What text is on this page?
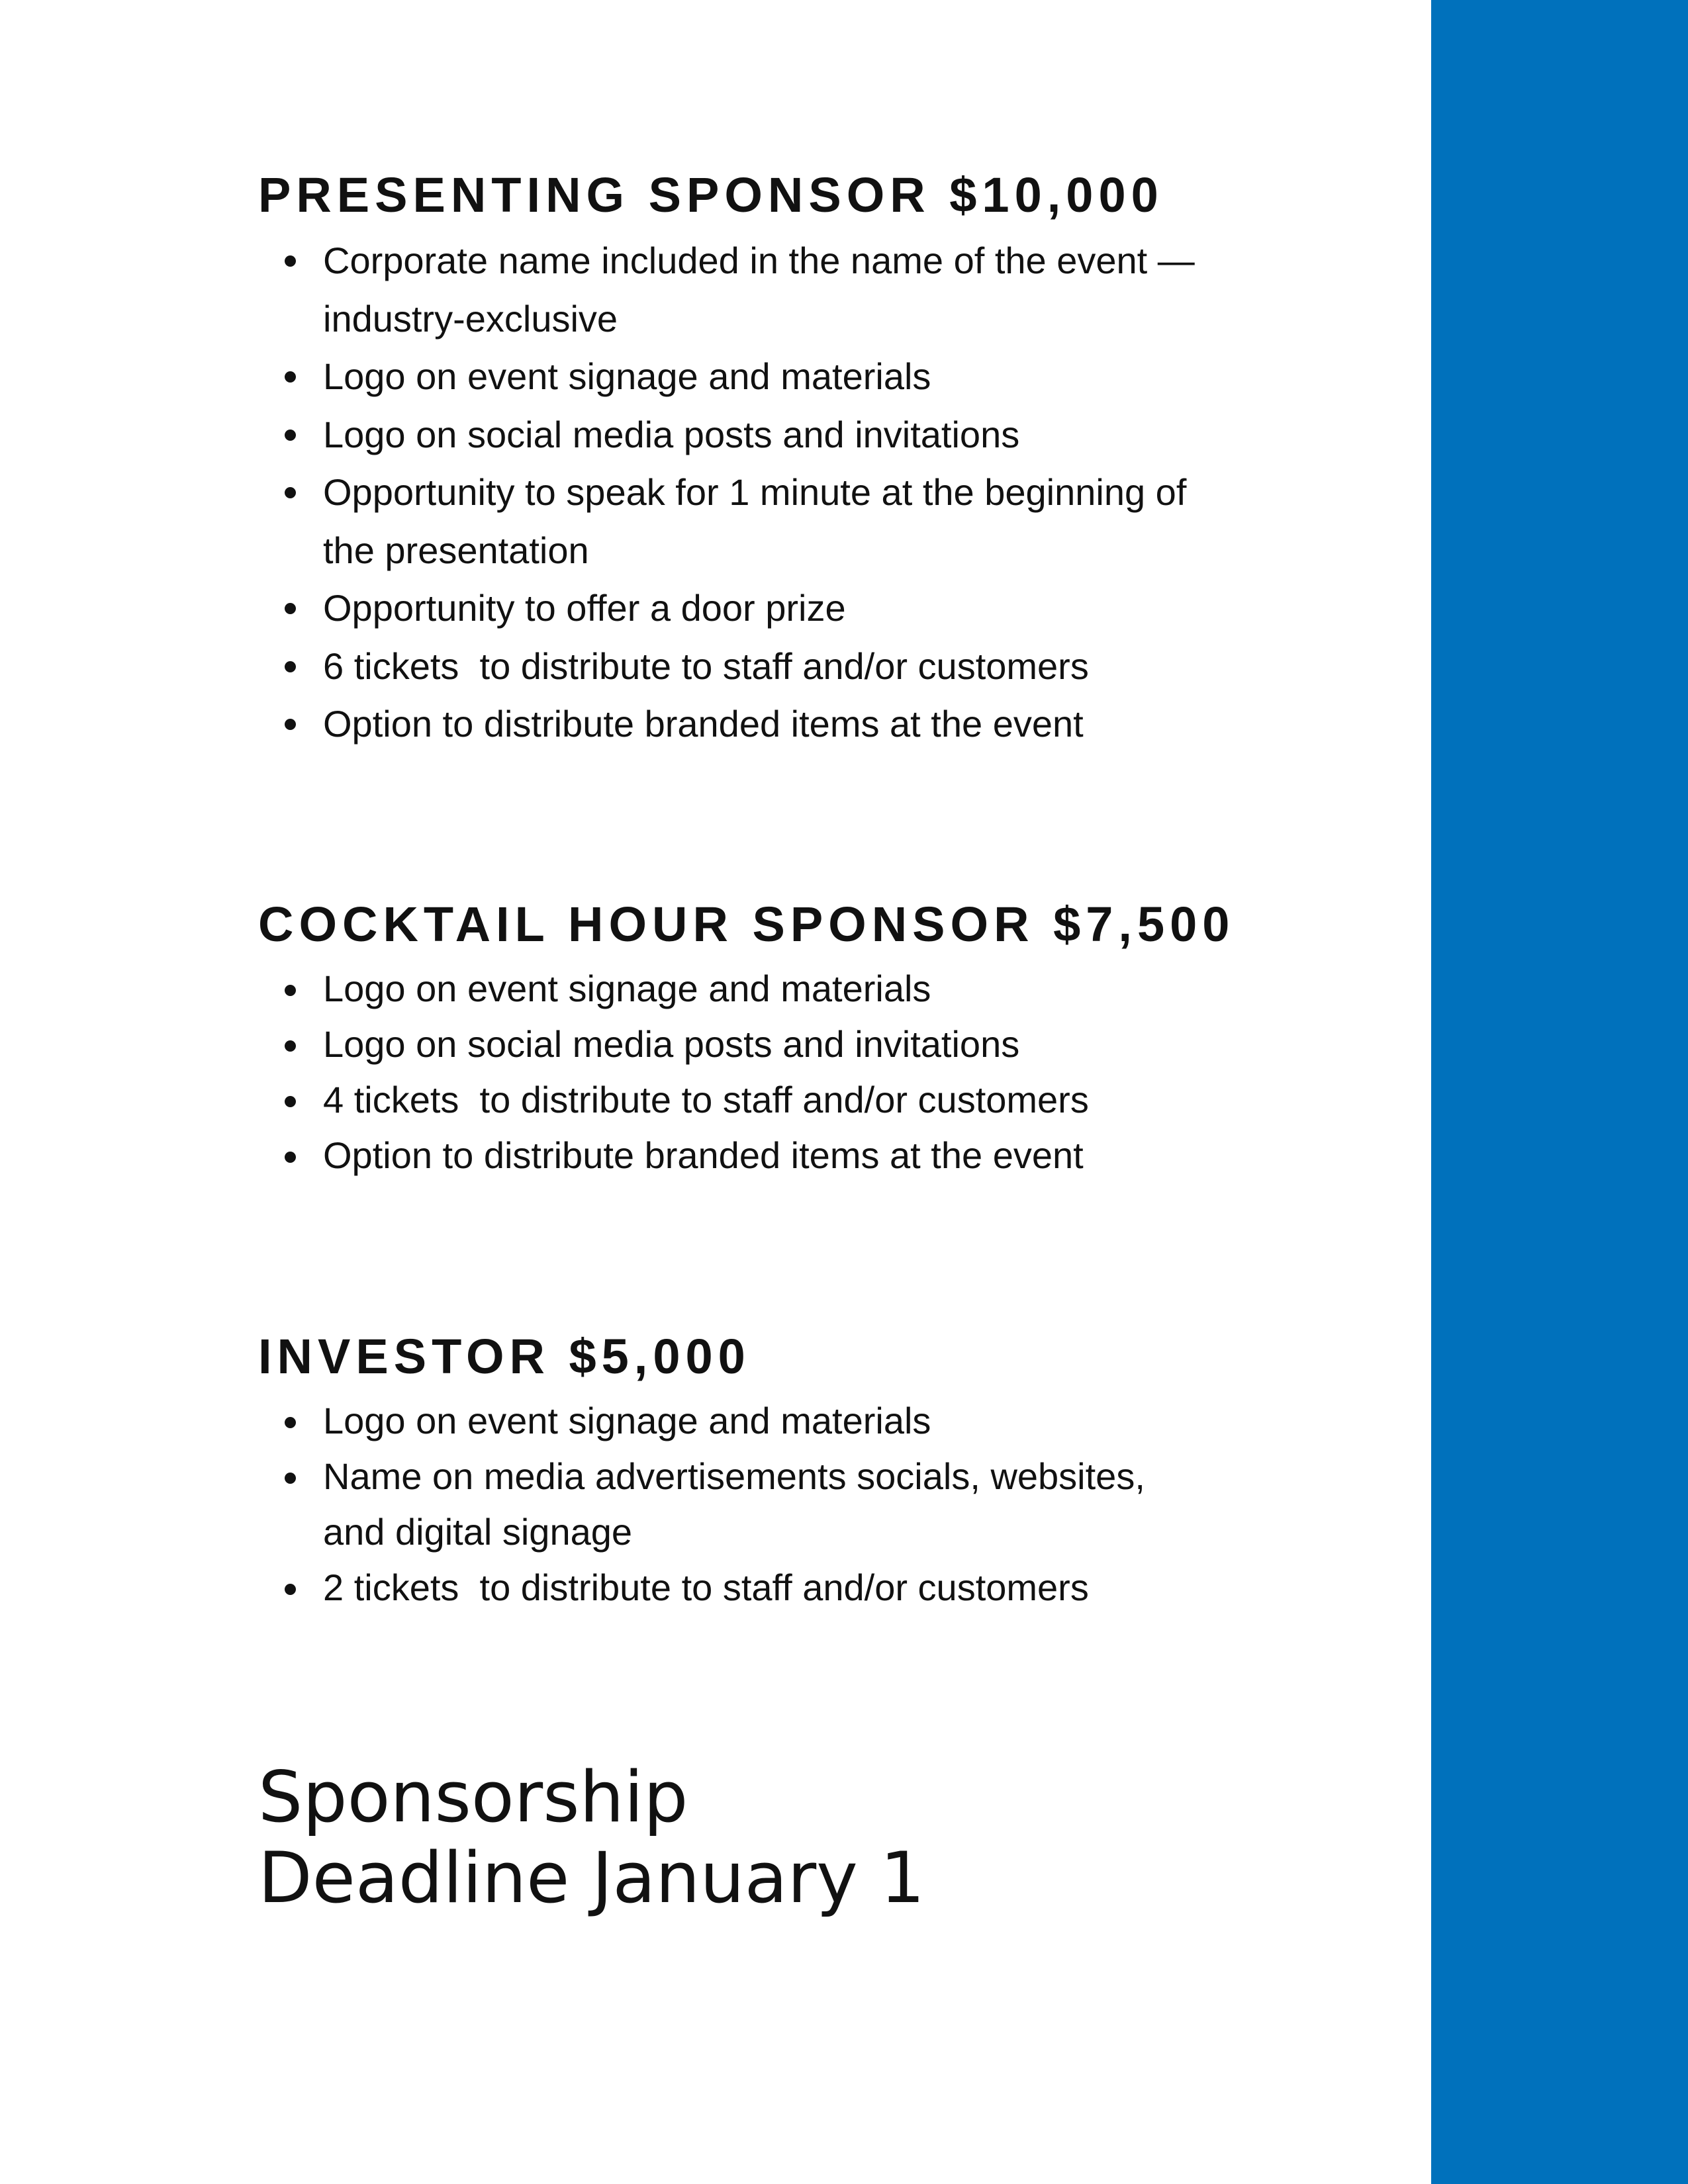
PRESENTING SPONSOR $10,000
Corporate name included in the name of the event — industry-exclusive
Logo on event signage and materials
Logo on social media posts and invitations
Opportunity to speak for 1 minute at the beginning of the presentation
Opportunity to offer a door prize
6 tickets  to distribute to staff and/or customers
Option to distribute branded items at the event
COCKTAIL HOUR SPONSOR $7,500
Logo on event signage and materials
Logo on social media posts and invitations
4 tickets  to distribute to staff and/or customers
Option to distribute branded items at the event
INVESTOR $5,000
Logo on event signage and materials
Name on media advertisements socials, websites, and digital signage
2 tickets  to distribute to staff and/or customers
Sponsorship
Deadline January 1
